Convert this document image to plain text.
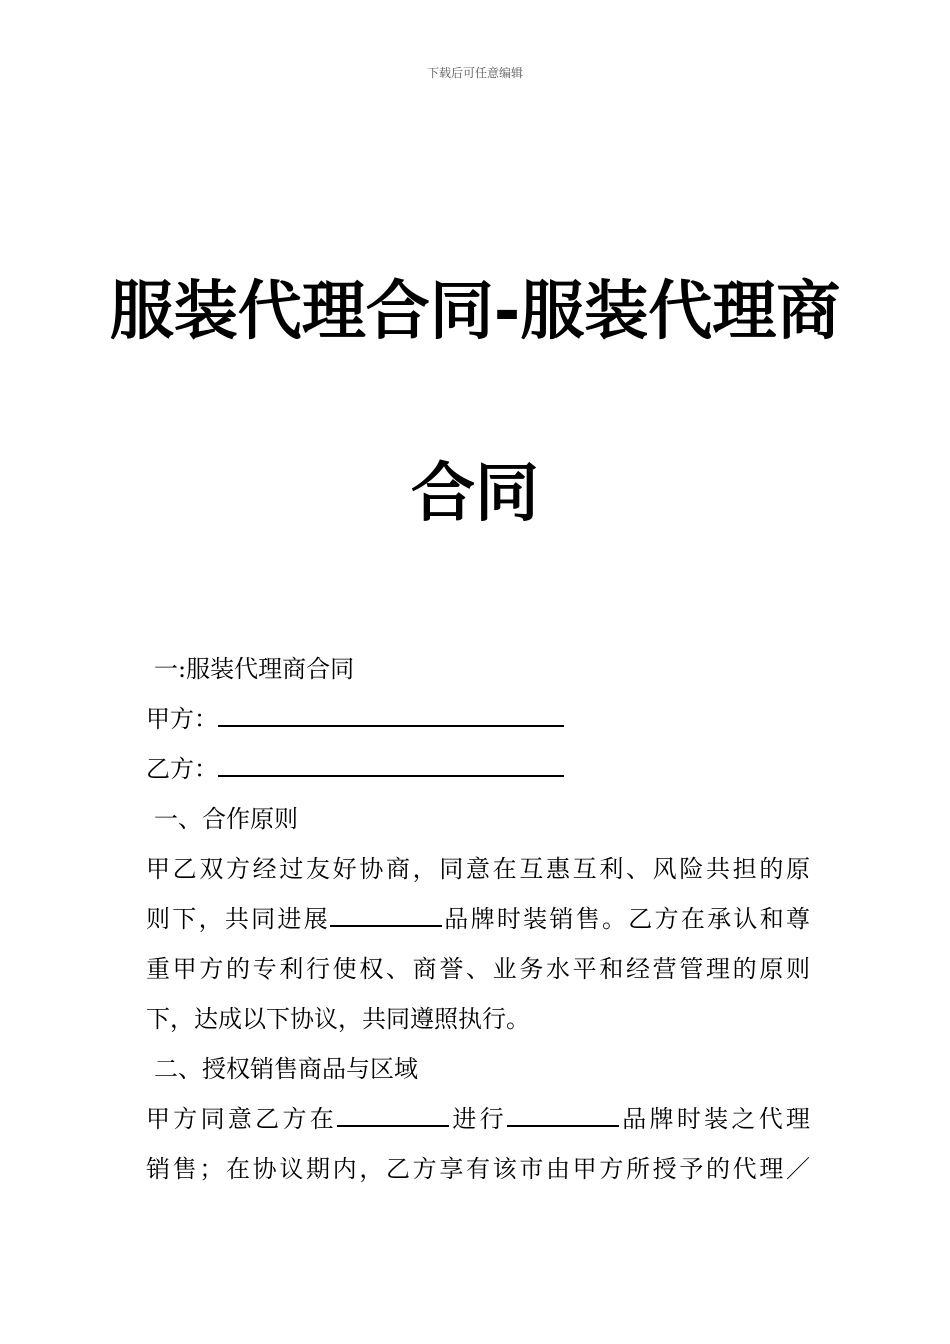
下载后可任意编辑
服装代理合同-服装代理商
合同
一:服装代理商合同
甲方：
乙方：
一、合作原则
甲乙双方经过友好协商，同意在互惠互利、风险共担的原
则下，共同进展	品牌时装销售。乙方在承认和尊
重甲方的专利行使权、商誉、业务水平和经营管理的原则
下，达成以下协议，共同遵照执行。
二、授权销售商品与区域
甲方同意乙方在	进行	品牌时装之代理
销售；在协议期内，乙方享有该市由甲方所授予的代理／
